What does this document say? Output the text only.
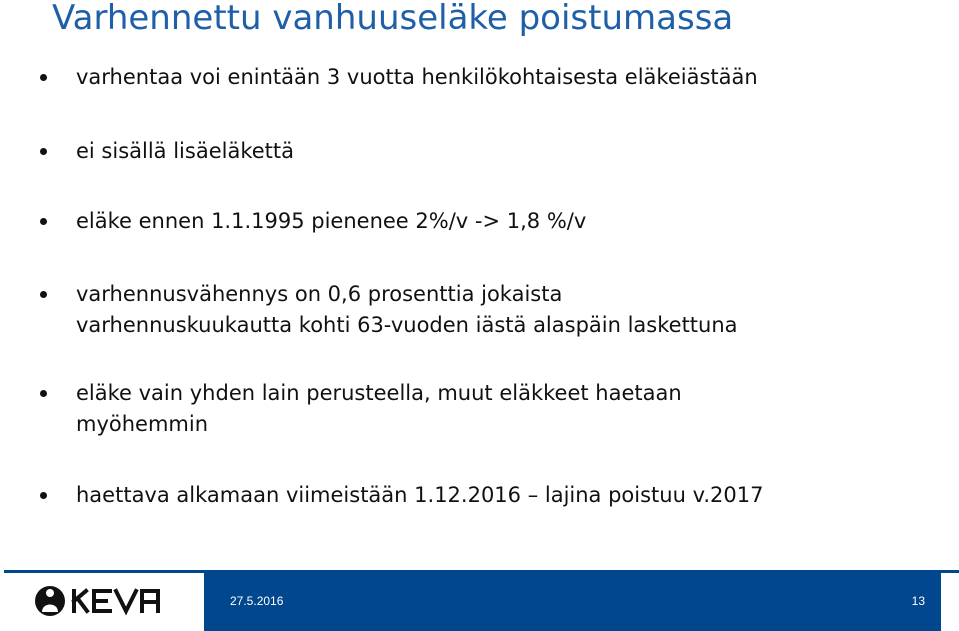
Varhennettu vanhuuseläke poistumassa
varhentaa voi enintään 3 vuotta henkilökohtaisesta eläkeiästään
ei sisällä lisäeläkettä
eläke ennen 1.1.1995 pienenee 2%/v -> 1,8 %/v
varhennusvähennys on 0,6 prosenttia jokaista
varhennuskuukautta kohti 63-vuoden iästä alaspäin laskettuna
eläke vain yhden lain perusteella, muut eläkkeet haetaan
myöhemmin
haettava alkamaan viimeistään 1.12.2016 – lajina poistuu v.2017
27.5.2016	13
